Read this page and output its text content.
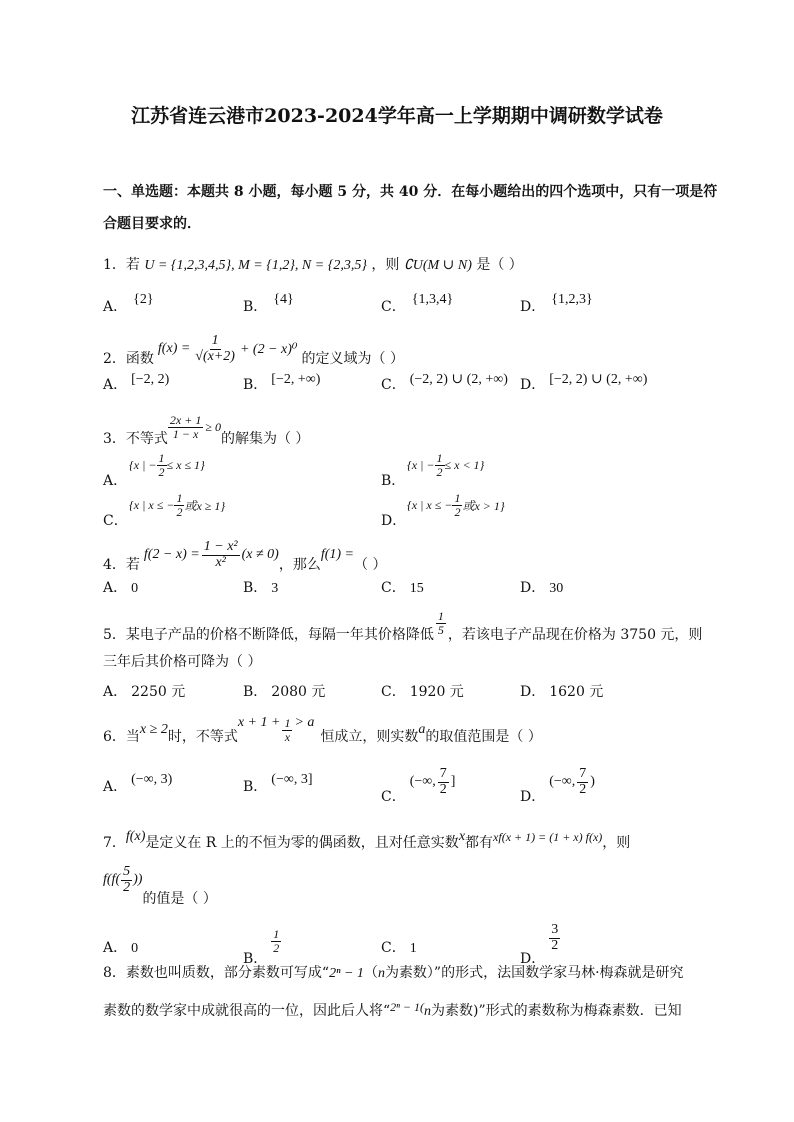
江苏省连云港市2023-2024学年高一上学期期中调研数学试卷
一、单选题：本题共 8 小题，每小题 5 分，共 40 分．在每小题给出的四个选项中，只有一项是符
合题目要求的．
1．若 U = {1,2,3,4,5}, M = {1,2}, N = {2,3,5} ，则 ∁U(M ∪ N) 是（ ）
A． {2}	B． {4}	C． {1,3,4}	D． {1,2,3}
2．函数
$f(x) = \frac{1}{√(x+2)} + (2 - x)^0$
的定义域为（ ）
A． [−2, 2)	B． [−2, +∞)	C． (−2, 2) ∪ (2, +∞) D． [−2, 2) ∪ (2, +∞)
3．不等式 $\frac{2x + 1}{1 - x} \ge 0$
的解集为（ ）
A．
{x | − $\frac{1}{2} \le x \le 1$}
B．
{x | − $\frac{1}{2} \le x < 1$}
C．
{x | x ≤ − $\frac{1}{2}$ 或x ≥ 1}
D．
{x | x ≤ − $\frac{1}{2}$ 或x > 1}
4．若
$f(2 - x) = \frac{\text{1 − x²}}{\text{x²}} (x \ne 0)$
，那么
f(1) =
（ ）
A． 0	B． 3	C． 15	D． 30
5．某电子产品的价格不断降低，每隔一年其价格降低 $\frac{1}{5}$ ，若该电子产品现在价格为 3750 元，则
三年后其价格可降为（ ）
A． 2250 元	B． 2080 元	C． 1920 元	D． 1620 元
6．当 x ≥ 2 时，不等式
$x + 1 + \frac{1}{x} > a$
恒成立，则实数 a 的取值范围是（ ）
A． (−∞, 3)	B． (−∞, 3]
C．
(−∞, $\frac{7}{2}$ ]
D．
(−∞, $\frac{7}{2}$ )
7． f(x) 是定义在 R 上的不恒为零的偶函数，且对任意实数 x 都有 xf(x + 1) = (1 + x) f(x) ，则
$f(f( \frac{5}{2}$ ))
的值是（ ）
A． 0
B．
$\frac{1}{2}$	C． 1
D．
$\frac{3}{2}$
8．素数也叫质数，部分素数可写成“2ⁿ − 1（n为素数）”的形式，法国数学家马林·梅森就是研究
素数的数学家中成就很高的一位，因此后人将“2ⁿ − 1(n为素数)”形式的素数称为梅森素数．已知
